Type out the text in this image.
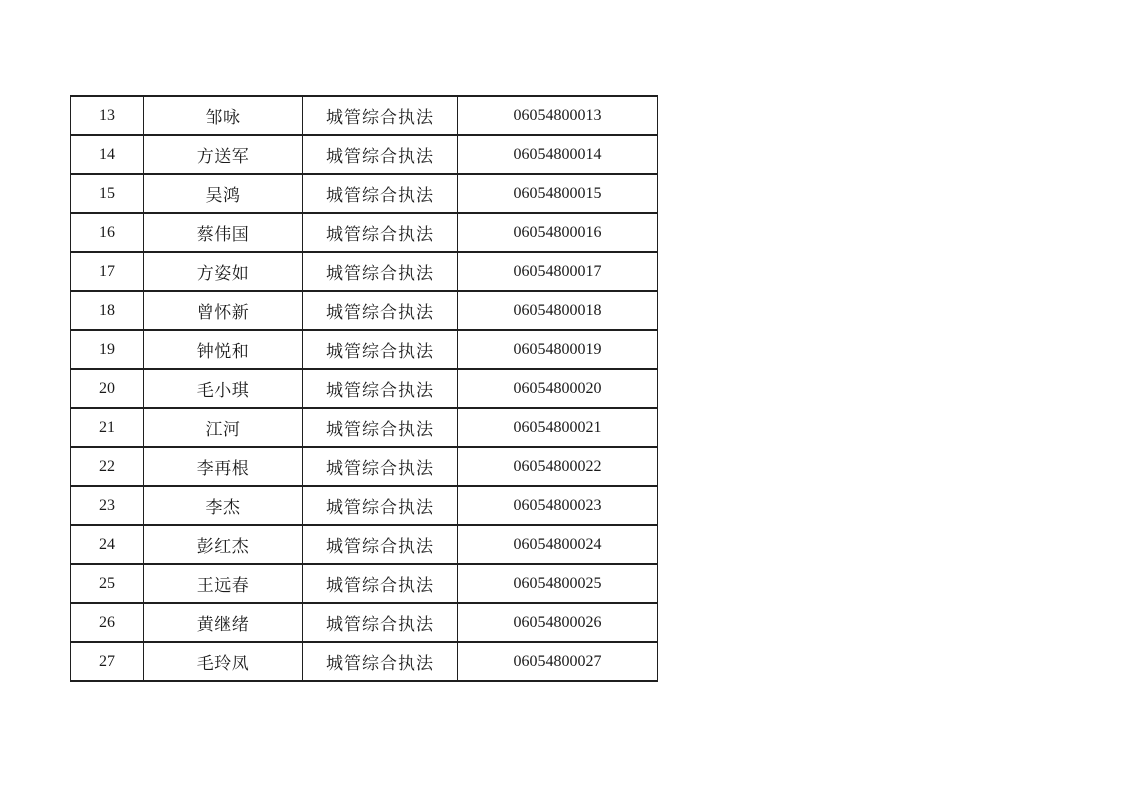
13	邹咏	城管综合执法	06054800013
14	方送军	城管综合执法	06054800014
15	吴鸿	城管综合执法	06054800015
16	蔡伟国	城管综合执法	06054800016
17	方姿如	城管综合执法	06054800017
18	曾怀新	城管综合执法	06054800018
19	钟悦和	城管综合执法	06054800019
20	毛小琪	城管综合执法	06054800020
21	江河	城管综合执法	06054800021
22	李再根	城管综合执法	06054800022
23	李杰	城管综合执法	06054800023
24	彭红杰	城管综合执法	06054800024
25	王远春	城管综合执法	06054800025
26	黄继绪	城管综合执法	06054800026
27	毛玲凤	城管综合执法	06054800027
